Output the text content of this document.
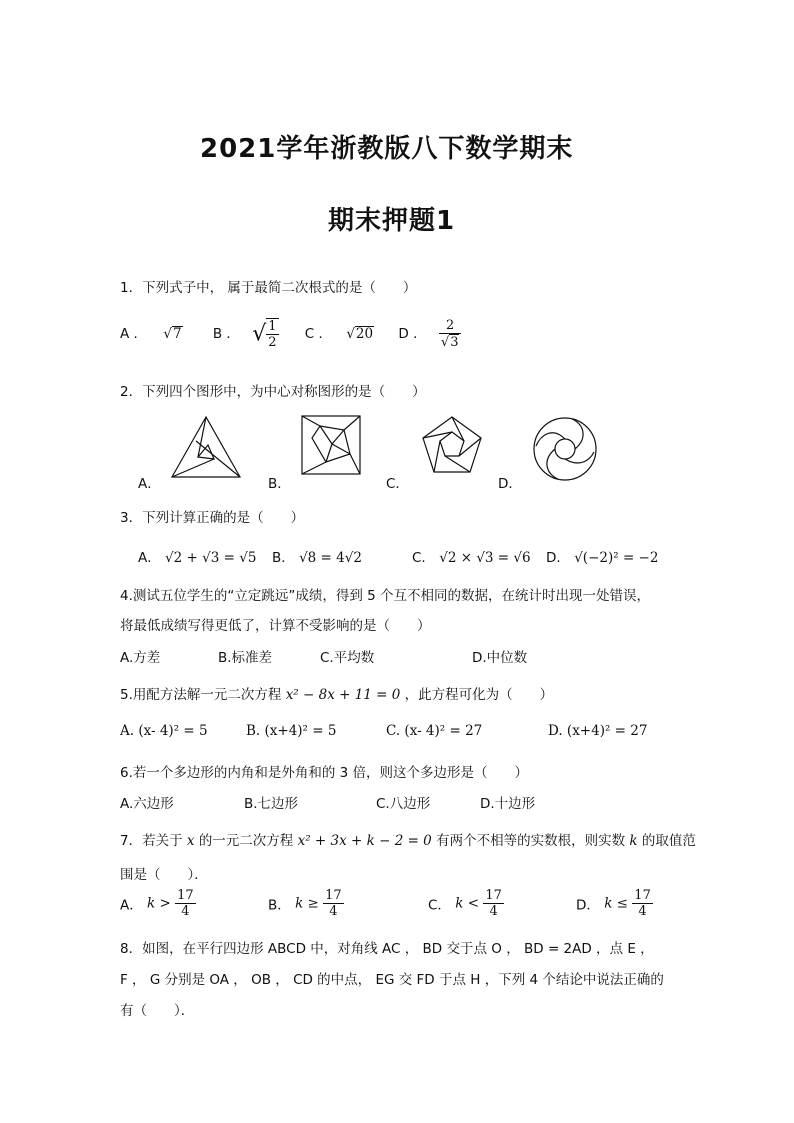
2021学年浙教版八下数学期末
期末押题1
1．下列式子中， 属于最简二次根式的是（　　）
A ． √7 B ． √ $\frac{1}{2}$ C ． √20 D ． $\frac{2}{√3}$
2．下列四个图形中，为中心对称图形的是（　　）
A．	B．	C．	D．
3．下列计算正确的是（　　）
A． √2 + √3 = √5 B． √8 = 4√2	C． √2 × √3 = √6 D． √(−2)² = −2
4.测试五位学生的“立定跳远”成绩，得到 5 个互不相同的数据，在统计时出现一处错误，
将最低成绩写得更低了，计算不受影响的是（　　）
A.方差	B.标准差	C.平均数	D.中位数
5.用配方法解一元二次方程 x² − 8x + 11 = 0 ，此方程可化为（　　）
A. (x- 4)² = 5	B. (x+4)² = 5	C. (x- 4)² = 27	D. (x+4)² = 27
6.若一个多边形的内角和是外角和的 3 倍，则这个多边形是（　　）
A.六边形	B.七边形	C.八边形	D.十边形
7．若关于 x 的一元二次方程 x² + 3x + k − 2 = 0 有两个不相等的实数根，则实数 k 的取值范
围是（　　）．
A． $k > \frac{17}{4}$	B． $k \ge \frac{17}{4}$	C． $k < \frac{17}{4}$	D． $k \le \frac{17}{4}$
8．如图，在平行四边形 ABCD 中，对角线 AC ， BD 交于点 O ， BD = 2AD ，点 E ，
F ， G 分别是 OA ， OB ， CD 的中点， EG 交 FD 于点 H ，下列 4 个结论中说法正确的
有（　　）．
